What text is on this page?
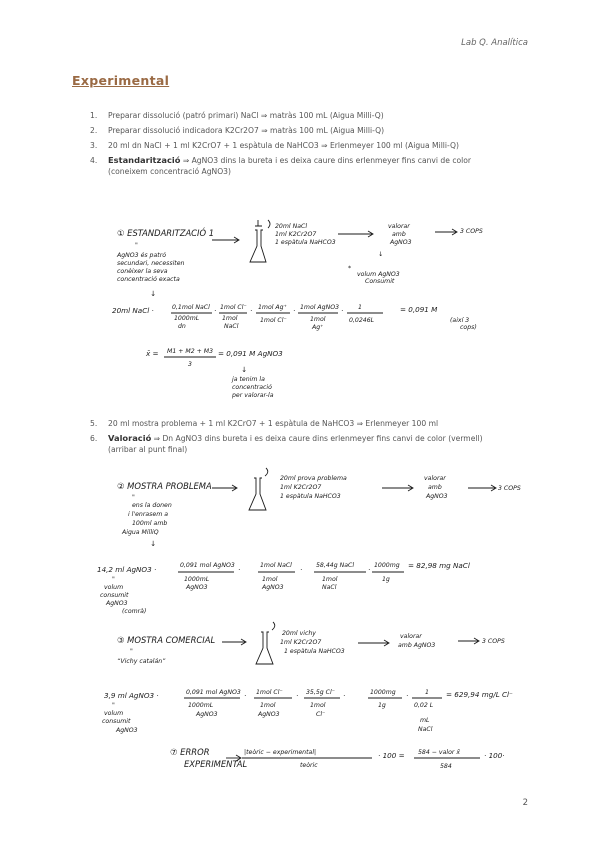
Lab Q. Analítica
Experimental
1. Preparar dissolució (patró primari) NaCl ⇒ matràs 100 mL (Aigua Milli-Q)
2. Preparar dissolució indicadora K2Cr2O7 ⇒ matràs 100 mL (Aigua Milli-Q)
3. 20 ml dn NaCl + 1 ml K2CrO7 + 1 espàtula de NaHCO3 ⇒ Erlenmeyer 100 ml (Aigua Milli-Q)
4. Estandarització ⇒ AgNO3 dins la bureta i es deixa caure dins erlenmeyer fins canvi de color
(coneixem concentració AgNO3)
5. 20 ml mostra problema + 1 ml K2CrO7 + 1 espàtula de NaHCO3 ⇒ Erlenmeyer 100 ml
6. Valoració ⇒ Dn AgNO3 dins bureta i es deixa caure dins erlenmeyer fins canvi de color (vermell)
(arribar al punt final)
① ESTANDARITZACIÓ 1
"
AgNO3 és patró
secundari, necessiten
conèixer la seva
concentració exacta
↓
20ml NaCl
1ml K2Cr2O7
1 espàtula NaHCO3
valorar
amb
AgNO3
3 COPS
↓
*
volum AgNO3
Consumit
20ml NaCl ·	0,1mol NaCl
1000mL
dn
· 1mol Cl⁻
1mol
NaCl
· 1mol Ag⁺
1mol Cl⁻
· 1mol AgNO3
1mol
Ag⁺
· 1
0,0246L
= 0,091 M
(així 3
cops)
x̄ = M1 + M2 + M3
3
= 0,091 M AgNO3
↓
ja tenim la
concentració
per valorar-la
② MOSTRA PROBLEMA
"
ens la donen
i l'enrasem a
100ml amb
Aigua MilliQ
↓
20ml prova problema
1ml K2Cr2O7
1 espàtula NaHCO3
valorar
amb
AgNO3
3 COPS
14,2 ml AgNO3 ·
"
volum
consumit
AgNO3
(comrà)
0,091 mol AgNO3
1000mL
AgNO3
·	1mol NaCl
1mol
AgNO3
· 58,44g NaCl
1mol
NaCl
· 1000mg
1g
= 82,98 mg NaCl
③ MOSTRA COMERCIAL
"
“Vichy catalán”
20ml vichy
1ml K2Cr2O7
1 espàtula NaHCO3
valorar
amb AgNO3
3 COPS
3,9 ml AgNO3 ·
"
volum
consumit
AgNO3
0,091 mol AgNO3
1000mL
AgNO3
· 1mol Cl⁻
1mol
AgNO3
· 35,5g Cl⁻
1mol
Cl⁻
·	1000mg
1g
·	1
0,02 L
mL
NaCl
= 629,94 mg/L Cl⁻
⑦ ERROR
EXPERIMENTAL
|teòric − experimental|
teòric
· 100 = 584 − valor x̄
584
· 100·
2
